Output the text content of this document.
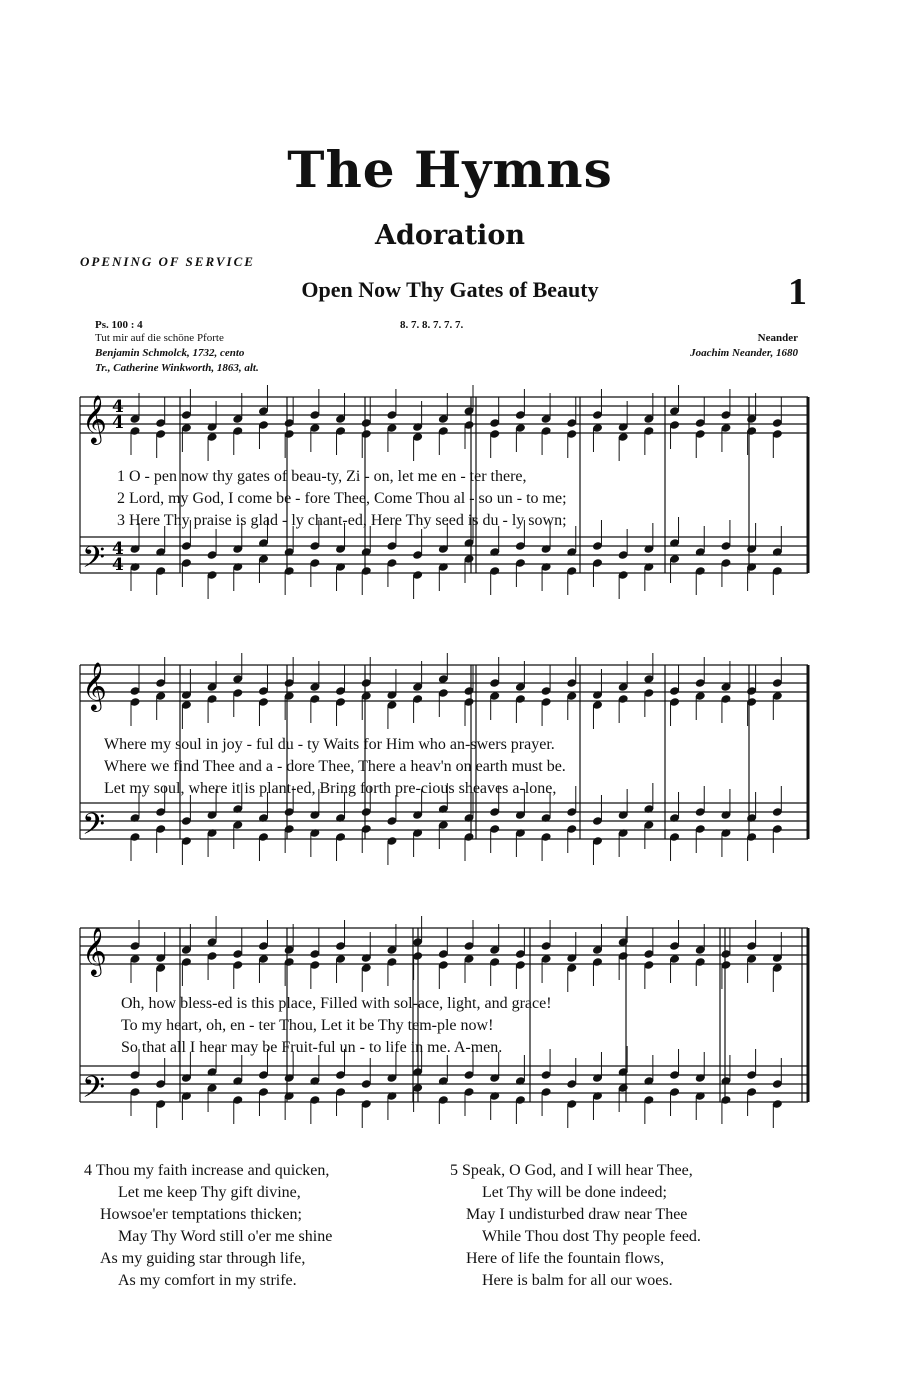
The Hymns
Adoration
OPENING OF SERVICE
Open Now Thy Gates of Beauty	1
Ps. 100 : 4	8. 7. 8. 7. 7. 7.
Tut mir auf die schöne Pforte
Benjamin Schmolck, 1732, cento
Tr., Catherine Winkworth, 1863, alt.
Neander
Joachim Neander, 1680
𝄞
𝄢
𝄞
𝄢
𝄞
𝄢
4
4
4
4
1 O - pen now thy gates of beau-ty, Zi - on, let me en - ter there,
2 Lord, my God, I come be - fore Thee, Come Thou al - so un - to me;
3 Here Thy praise is glad - ly chant-ed, Here Thy seed is du - ly sown;
Where my soul in joy - ful du - ty Waits for Him who an-swers prayer.
Where we find Thee and a - dore Thee, There a heav'n on earth must be.
Let my soul, where it is plant-ed, Bring forth pre-cious sheaves a-lone,
Oh, how bless-ed is this place, Filled with sol-ace, light, and grace!
To my heart, oh, en - ter Thou, Let it be Thy tem-ple now!
So that all I hear may be Fruit-ful un - to life in me. A-men.
4 Thou my faith increase and quicken,
Let me keep Thy gift divine,
Howsoe'er temptations thicken;
May Thy Word still o'er me shine
As my guiding star through life,
As my comfort in my strife.
5 Speak, O God, and I will hear Thee,
Let Thy will be done indeed;
May I undisturbed draw near Thee
While Thou dost Thy people feed.
Here of life the fountain flows,
Here is balm for all our woes.
